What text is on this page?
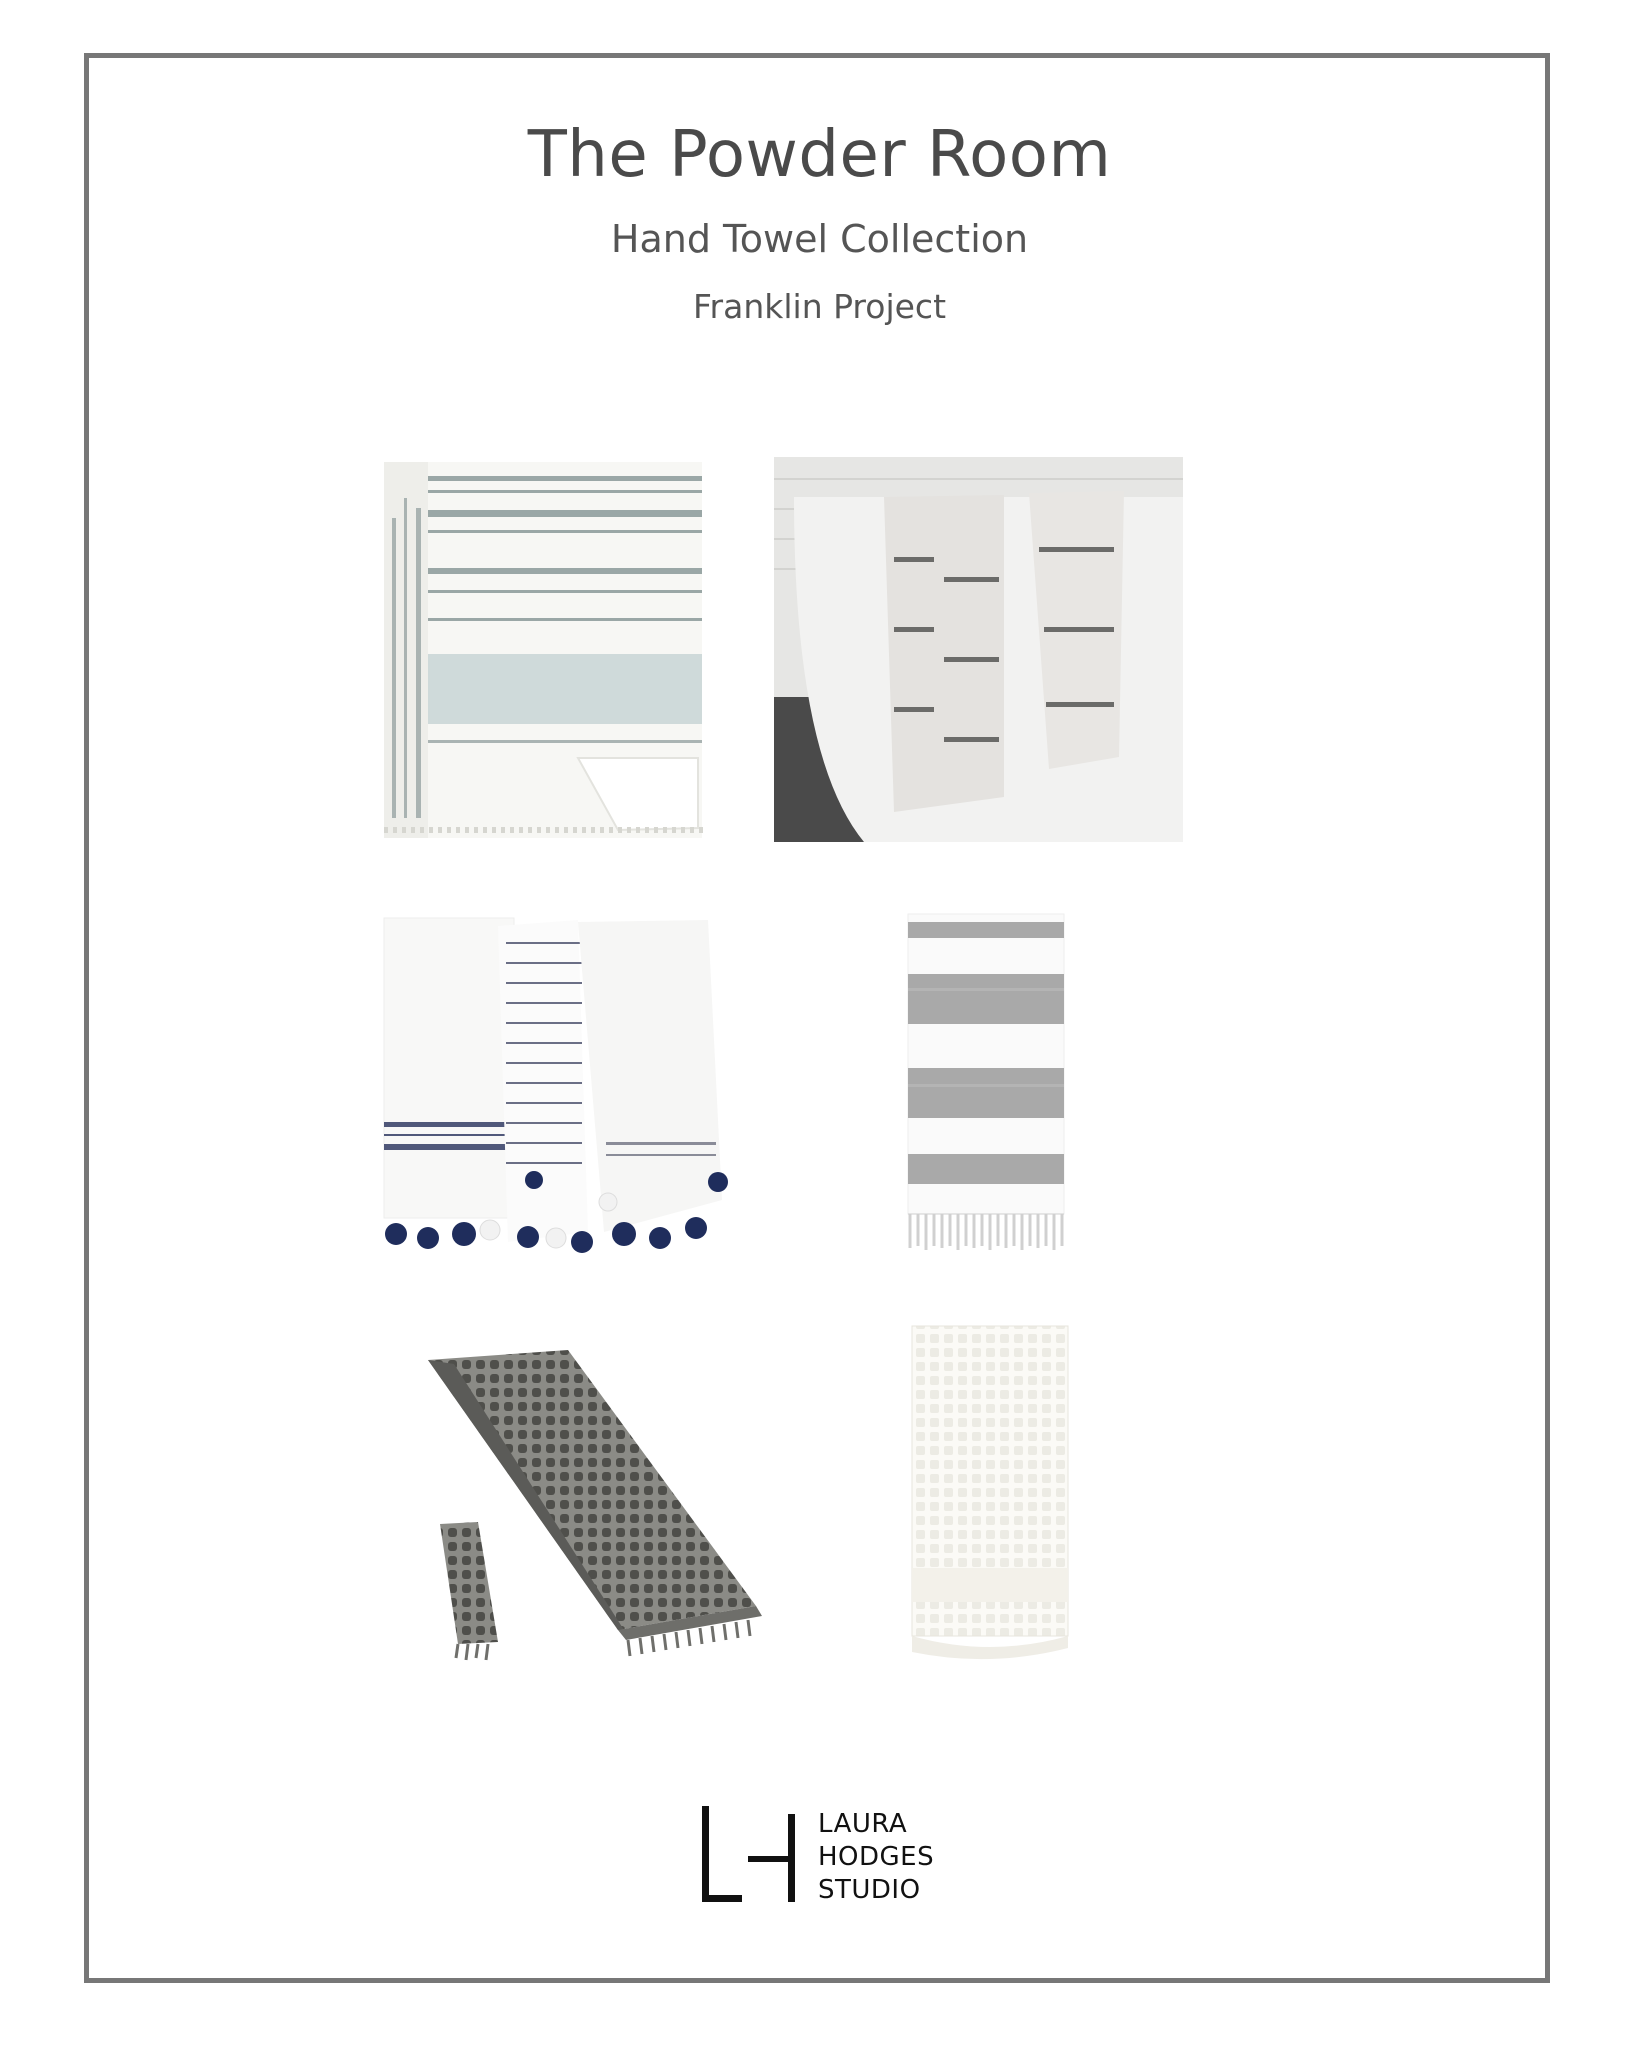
The Powder Room
Hand Towel Collection
Franklin Project
LAURA
HODGES
STUDIO
